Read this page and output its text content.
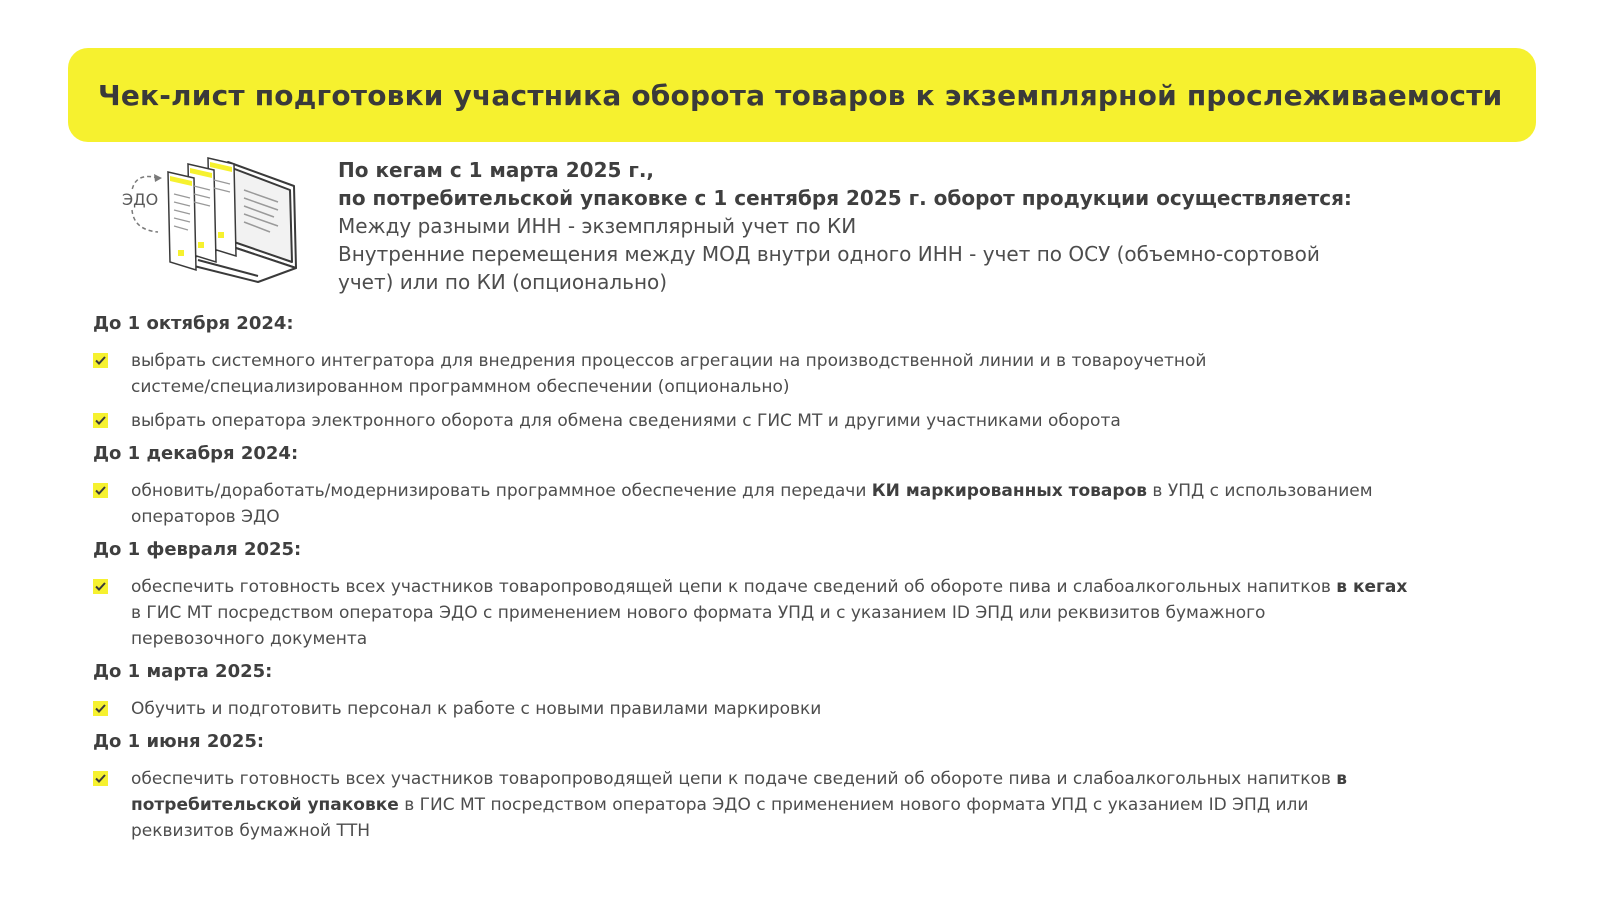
Чек-лист подготовки участника оборота товаров к экземплярной прослеживаемости
ЭДО
По кегам с 1 марта 2025 г.,
по потребительской упаковке с 1 сентября 2025 г. оборот продукции осуществляется:
Между разными ИНН - экземплярный учет по КИ
Внутренние перемещения между МОД внутри одного ИНН - учет по ОСУ (объемно-сортовой
учет) или по КИ (опционально)
До 1 октября 2024:
выбрать системного интегратора для внедрения процессов агрегации на производственной линии и в товароучетной
системе/специализированном программном обеспечении (опционально)
выбрать оператора электронного оборота для обмена сведениями с ГИС МТ и другими участниками оборота
До 1 декабря 2024:
обновить/доработать/модернизировать программное обеспечение для передачи КИ маркированных товаров в УПД с использованием
операторов ЭДО
До 1 февраля 2025:
обеспечить готовность всех участников товаропроводящей цепи к подаче сведений об обороте пива и слабоалкогольных напитков в кегах
в ГИС МТ посредством оператора ЭДО с применением нового формата УПД и с указанием ID ЭПД или реквизитов бумажного
перевозочного документа
До 1 марта 2025:
Обучить и подготовить персонал к работе с новыми правилами маркировки
До 1 июня 2025:
обеспечить готовность всех участников товаропроводящей цепи к подаче сведений об обороте пива и слабоалкогольных напитков в
потребительской упаковке в ГИС МТ посредством оператора ЭДО с применением нового формата УПД с указанием ID ЭПД или
реквизитов бумажной ТТН
